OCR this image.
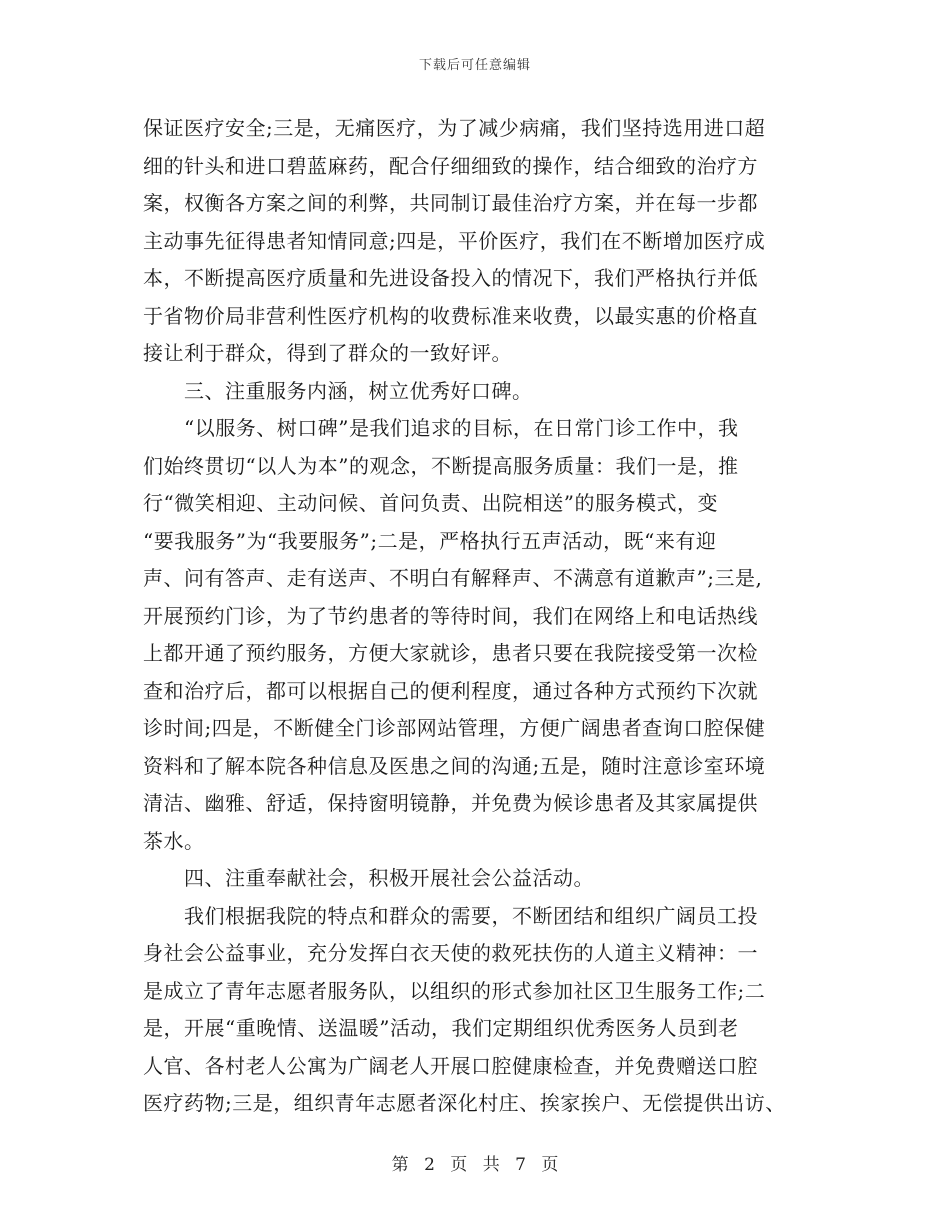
下载后可任意编辑
保证医疗安全;三是，无痛医疗，为了减少病痛，我们坚持选用进口超
细的针头和进口碧蓝麻药，配合仔细细致的操作，结合细致的治疗方
案，权衡各方案之间的利弊，共同制订最佳治疗方案，并在每一步都
主动事先征得患者知情同意;四是，平价医疗，我们在不断增加医疗成
本，不断提高医疗质量和先进设备投入的情况下，我们严格执行并低
于省物价局非营利性医疗机构的收费标准来收费，以最实惠的价格直
接让利于群众，得到了群众的一致好评。
　　三、注重服务内涵，树立优秀好口碑。
　　“以服务、树口碑”是我们追求的目标，在日常门诊工作中，我
们始终贯切“以人为本”的观念，不断提高服务质量：我们一是，推
行“微笑相迎、主动问候、首问负责、出院相送”的服务模式，变
“要我服务”为“我要服务”;二是，严格执行五声活动，既“来有迎
声、问有答声、走有送声、不明白有解释声、不满意有道歉声”;三是,
开展预约门诊，为了节约患者的等待时间，我们在网络上和电话热线
上都开通了预约服务，方便大家就诊，患者只要在我院接受第一次检
查和治疗后，都可以根据自己的便利程度，通过各种方式预约下次就
诊时间;四是，不断健全门诊部网站管理，方便广阔患者查询口腔保健
资料和了解本院各种信息及医患之间的沟通;五是，随时注意诊室环境
清洁、幽雅、舒适，保持窗明镜静，并免费为候诊患者及其家属提供
茶水。
　　四、注重奉献社会，积极开展社会公益活动。
　　我们根据我院的特点和群众的需要，不断团结和组织广阔员工投
身社会公益事业，充分发挥白衣天使的救死扶伤的人道主义精神：一
是成立了青年志愿者服务队，以组织的形式参加社区卫生服务工作;二
是，开展“重晚情、送温暖”活动，我们定期组织优秀医务人员到老
人官、各村老人公寓为广阔老人开展口腔健康检查，并免费赠送口腔
医疗药物;三是，组织青年志愿者深化村庄、挨家挨户、无偿提供出访、
第 2 页 共 7 页
